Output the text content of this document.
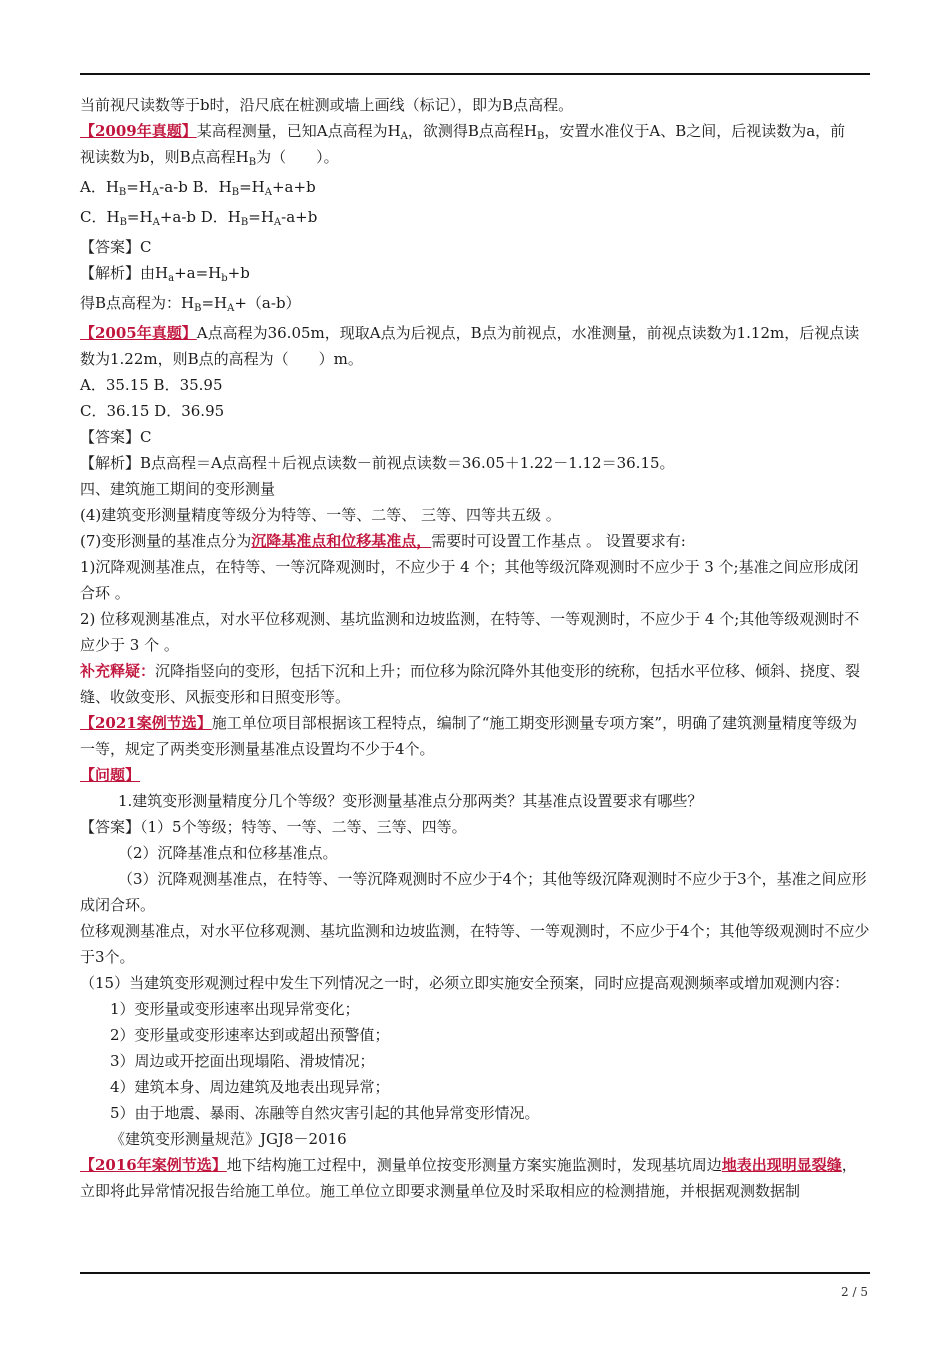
当前视尺读数等于b时，沿尺底在桩测或墙上画线（标记），即为B点高程。
【2009年真题】某高程测量，已知A点高程为$H_A$，欲测得B点高程$H_B$，安置水准仪于A、B之间，后视读数为a，前
视读数为b，则B点高程$H_B$为（　　）。
A．$H_B=H_A-a-b$ B．$H_B=H_A+a+b$
C．$H_B=H_A+a-b$ D．$H_B=H_A-a+b$
【答案】C
【解析】由$H_a+a=H_b+b$
得B点高程为：$H_B=H_A+(a-b)$
【2005年真题】A点高程为36.05m，现取A点为后视点，B点为前视点，水准测量，前视点读数为1.12m，后视点读
数为1.22m，则B点的高程为（　　）m。
A．35.15 B．35.95
C．36.15 D．36.95
【答案】C
【解析】B点高程＝A点高程＋后视点读数－前视点读数＝36.05＋1.22－1.12＝36.15。
四、建筑施工期间的变形测量
(4)建筑变形测量精度等级分为特等、一等、二等、 三等、四等共五级 。
(7)变形测量的基准点分为沉降基准点和位移基准点，需要时可设置工作基点 。 设置要求有:
1)沉降观测基准点，在特等、一等沉降观测时，不应少于 4 个；其他等级沉降观测时不应少于 3 个;基准之间应形成闭合环 。
2) 位移观测基准点，对水平位移观测、基坑监测和边坡监测，在特等、一等观测时，不应少于 4 个;其他等级观测时不应少于 3 个 。
补充释疑：沉降指竖向的变形，包括下沉和上升；而位移为除沉降外其他变形的统称，包括水平位移、倾斜、挠度、裂缝、收敛变形、风振变形和日照变形等。
【2021案例节选】施工单位项目部根据该工程特点，编制了“施工期变形测量专项方案”，明确了建筑测量精度等级为一等，规定了两类变形测量基准点设置均不少于4个。
【问题】
1.建筑变形测量精度分几个等级？变形测量基准点分那两类？其基准点设置要求有哪些？
【答案】（1）5个等级；特等、一等、二等、三等、四等。
（2）沉降基准点和位移基准点。
（3）沉降观测基准点，在特等、一等沉降观测时不应少于4个；其他等级沉降观测时不应少于3个，基准之间应形成闭合环。
位移观测基准点，对水平位移观测、基坑监测和边坡监测，在特等、一等观测时，不应少于4个；其他等级观测时不应少于3个。
（15）当建筑变形观测过程中发生下列情况之一时，必须立即实施安全预案，同时应提高观测频率或增加观测内容：
1）变形量或变形速率出现异常变化；
2）变形量或变形速率达到或超出预警值；
3）周边或开挖面出现塌陷、滑坡情况；
4）建筑本身、周边建筑及地表出现异常；
5）由于地震、暴雨、冻融等自然灾害引起的其他异常变形情况。
《建筑变形测量规范》JGJ8－2016
【2016年案例节选】地下结构施工过程中，测量单位按变形测量方案实施监测时，发现基坑周边地表出现明显裂缝，立即将此异常情况报告给施工单位。施工单位立即要求测量单位及时采取相应的检测措施，并根据观测数据制
2 / 5
